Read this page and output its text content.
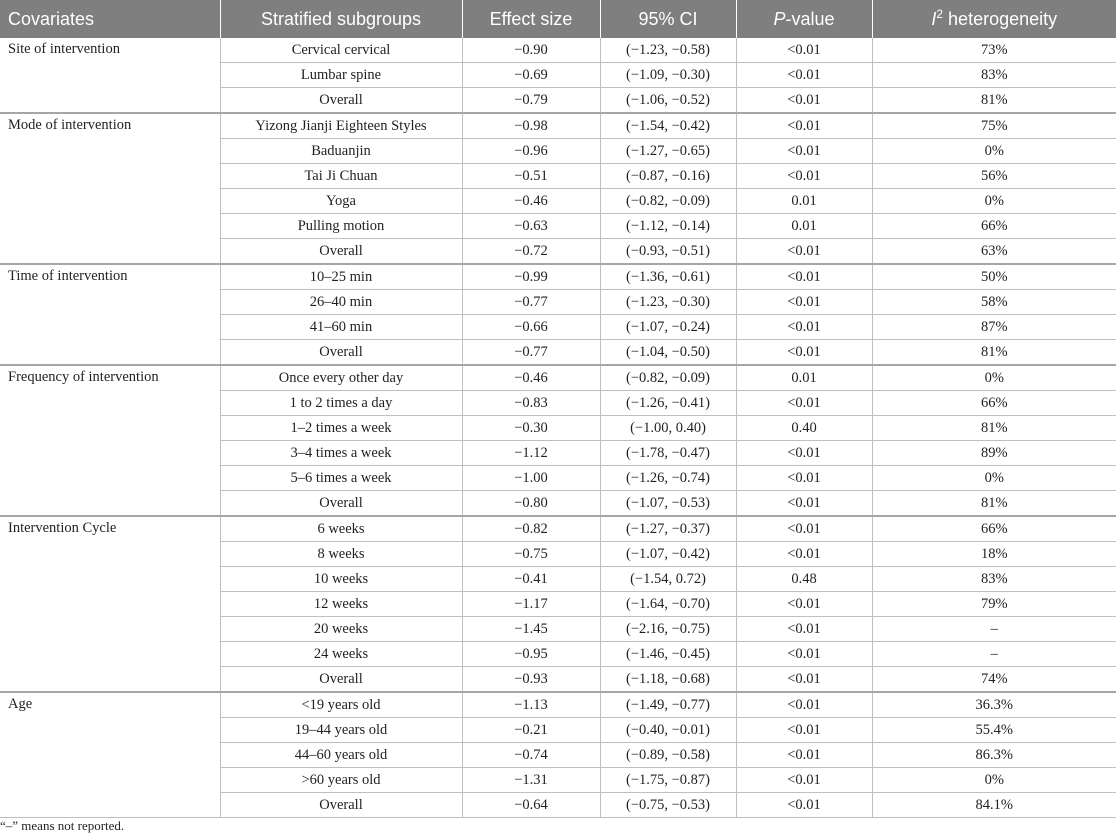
Covariates	Stratified subgroups	Effect size	95% CI	P-value	$I^2$ heterogeneity
Site of intervention	Cervical cervical	−0.90	(−1.23, −0.58)	<0.01	73%
	Lumbar spine	−0.69	(−1.09, −0.30)	<0.01	83%
	Overall	−0.79	(−1.06, −0.52)	<0.01	81%
Mode of intervention	Yizong Jianji Eighteen Styles	−0.98	(−1.54, −0.42)	<0.01	75%
	Baduanjin	−0.96	(−1.27, −0.65)	<0.01	0%
	Tai Ji Chuan	−0.51	(−0.87, −0.16)	<0.01	56%
	Yoga	−0.46	(−0.82, −0.09)	0.01	0%
	Pulling motion	−0.63	(−1.12, −0.14)	0.01	66%
	Overall	−0.72	(−0.93, −0.51)	<0.01	63%
Time of intervention	10–25 min	−0.99	(−1.36, −0.61)	<0.01	50%
	26–40 min	−0.77	(−1.23, −0.30)	<0.01	58%
	41–60 min	−0.66	(−1.07, −0.24)	<0.01	87%
	Overall	−0.77	(−1.04, −0.50)	<0.01	81%
Frequency of intervention	Once every other day	−0.46	(−0.82, −0.09)	0.01	0%
	1 to 2 times a day	−0.83	(−1.26, −0.41)	<0.01	66%
	1–2 times a week	−0.30	(−1.00, 0.40)	0.40	81%
	3–4 times a week	−1.12	(−1.78, −0.47)	<0.01	89%
	5–6 times a week	−1.00	(−1.26, −0.74)	<0.01	0%
	Overall	−0.80	(−1.07, −0.53)	<0.01	81%
Intervention Cycle	6 weeks	−0.82	(−1.27, −0.37)	<0.01	66%
	8 weeks	−0.75	(−1.07, −0.42)	<0.01	18%
	10 weeks	−0.41	(−1.54, 0.72)	0.48	83%
	12 weeks	−1.17	(−1.64, −0.70)	<0.01	79%
	20 weeks	−1.45	(−2.16, −0.75)	<0.01	–
	24 weeks	−0.95	(−1.46, −0.45)	<0.01	–
	Overall	−0.93	(−1.18, −0.68)	<0.01	74%
Age	<19 years old	−1.13	(−1.49, −0.77)	<0.01	36.3%
	19–44 years old	−0.21	(−0.40, −0.01)	<0.01	55.4%
	44–60 years old	−0.74	(−0.89, −0.58)	<0.01	86.3%
	>60 years old	−1.31	(−1.75, −0.87)	<0.01	0%
	Overall	−0.64	(−0.75, −0.53)	<0.01	84.1%
“–” means not reported.
